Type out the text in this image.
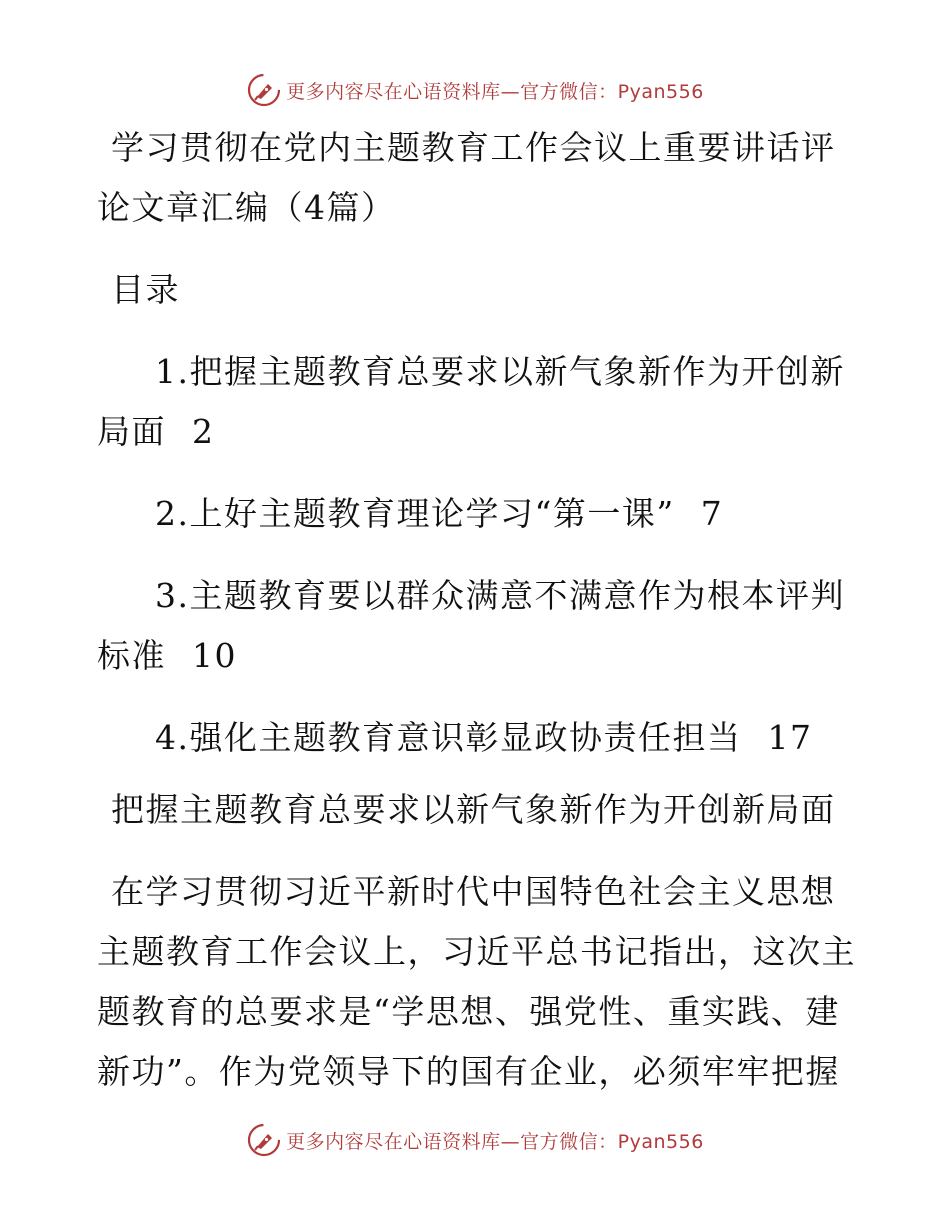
更多内容尽在心语资料库—官方微信：Pyan556
学习贯彻在党内主题教育工作会议上重要讲话评
论文章汇编（4篇）
目录
1.把握主题教育总要求以新气象新作为开创新
局面 2
2.上好主题教育理论学习“第一课” 7
3.主题教育要以群众满意不满意作为根本评判
标准 10
4.强化主题教育意识彰显政协责任担当 17
把握主题教育总要求以新气象新作为开创新局面
在学习贯彻习近平新时代中国特色社会主义思想
主题教育工作会议上，习近平总书记指出，这次主
题教育的总要求是“学思想、强党性、重实践、建
新功”。作为党领导下的国有企业，必须牢牢把握
更多内容尽在心语资料库—官方微信：Pyan556
